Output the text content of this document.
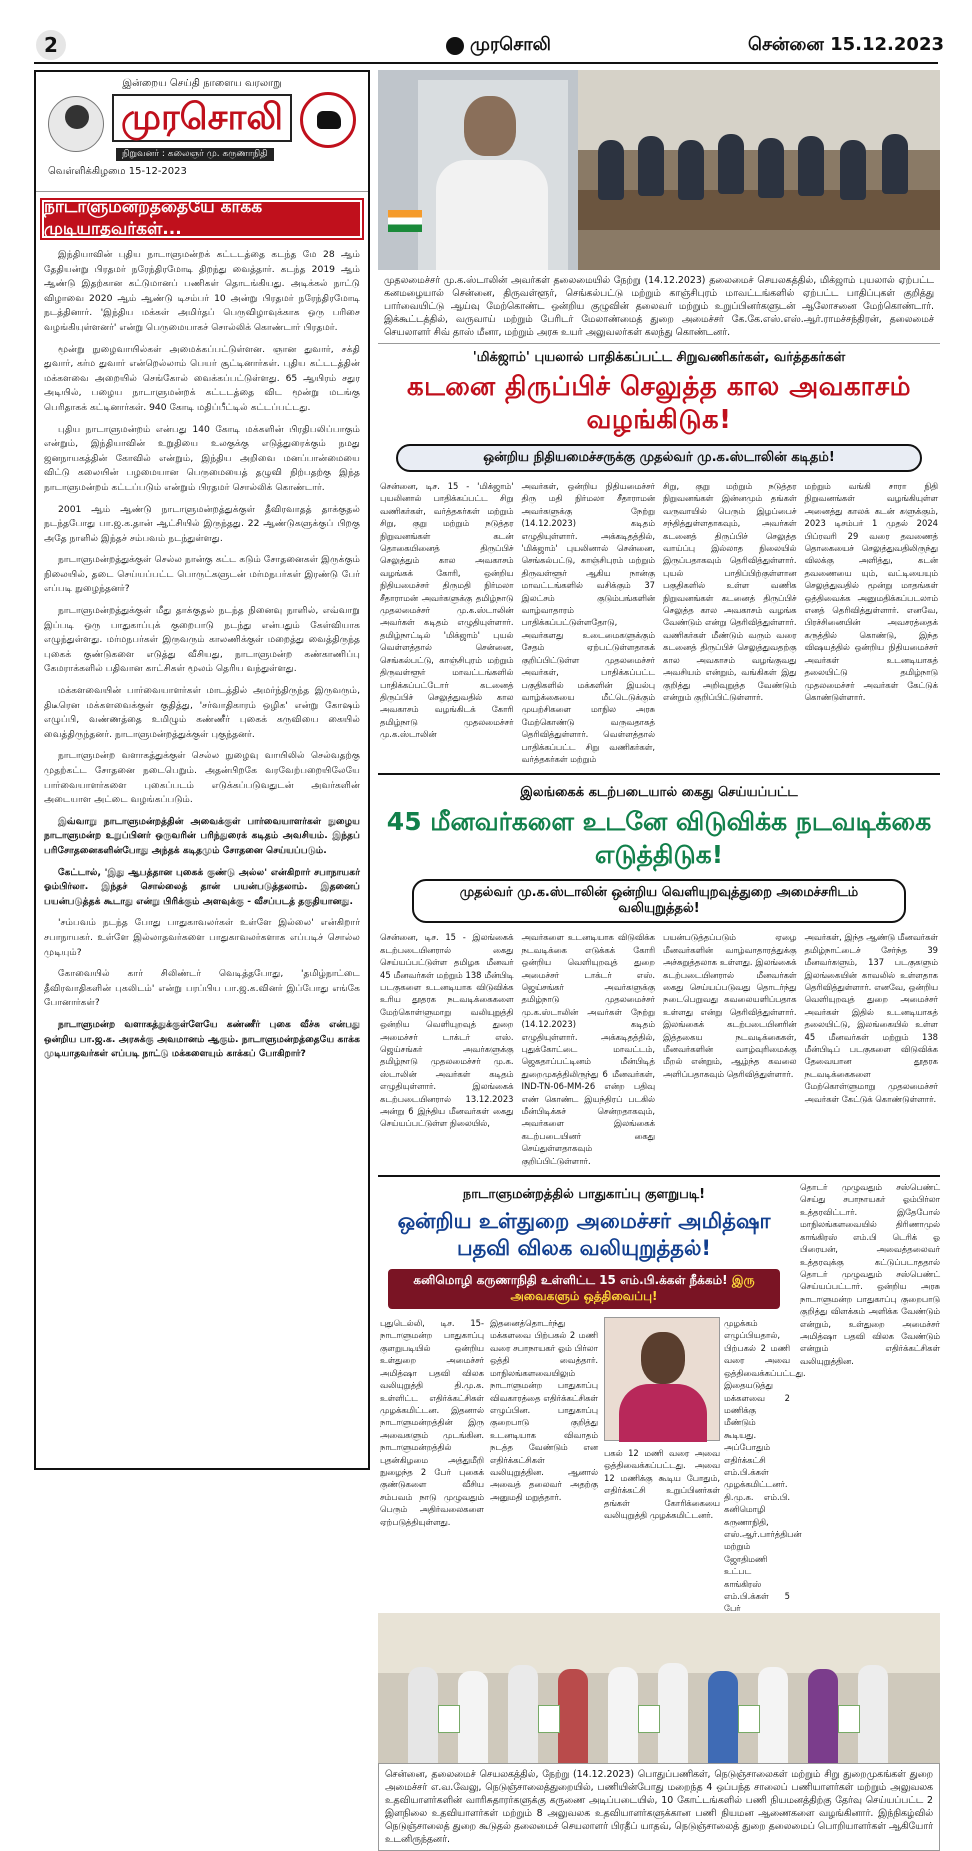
2	முரசொலி	சென்னை 15.12.2023
இன்றைய செய்தி நாளைய வரலாறு
முரசொலி
நிறுவனர் : கலைஞர் மு. கருணாநிதி
வெள்ளிக்கிழமை 15-12-2023
நாடாளுமன்றத்தையே காக்க முடியாதவர்கள்...

இந்தியாவின் புதிய நாடாளுமன்றக் கட்டடத்தை கடந்த மே 28 ஆம் தேதியன்று பிரதமர் நரேந்திரமோடி திறந்து வைத்தார். கடந்த 2019 ஆம் ஆண்டு இதற்கான கட்டுமானப் பணிகள் தொடங்கியது. அடிக்கல் நாட்டு விழாவை 2020 ஆம் ஆண்டு டிசம்பர் 10 அன்று பிரதமர் நரேந்திரமோடி நடத்தினார். 'இந்திய மக்கள் அமிர்தப் பெருவிழாவுக்காக ஒரு பரிசை வழங்கியுள்ளனர்' என்று பெருமையாகச் சொல்லிக் கொண்டார் பிரதமர்.

மூன்று நுழைவாயில்கள் அமைக்கப்பட்டுள்ளன. ஞான துவார், சக்தி துவார், கர்ம துவார் என்றெல்லாம் பெயர் சூட்டினார்கள். புதிய கட்டடத்தின் மக்களவை அறையில் செங்கோல் வைக்கப்பட்டுள்ளது. 65 ஆயிரம் சதுர அடியில், பழைய நாடாளுமன்றக் கட்டடத்தை விட மூன்று மடங்கு பெரிதாகக் கட்டினார்கள். 940 கோடி மதிப்பீட்டில் கட்டப்பட்டது.

புதிய நாடாளுமன்றம் என்பது 140 கோடி மக்களின் பிரதிபலிப்பாகும் என்றும், இந்தியாவின் உறுதியை உலகுக்கு எடுத்துரைக்கும் நமது ஜனநாயகத்தின் கோவில் என்றும், இந்திய அறிவை மனப்பான்மையை விட்டு கலையின் பழமையான பெருமையைத் தழுவி நிற்பதற்கு இந்த நாடாளுமன்றம் கட்டப்படும் என்றும் பிரதமர் சொல்லிக் கொண்டார்.

2001 ஆம் ஆண்டு நாடாளுமன்றத்துக்குள் தீவிரவாதத் தாக்குதல் நடந்தபோது பா.ஜ.க.தான் ஆட்சியில் இருந்தது. 22 ஆண்டுகளுக்குப் பிறகு அதே நாளில் இந்தச் சம்பவம் நடந்துள்ளது.

நாடாளுமன்றத்துக்குள் செல்ல நான்கு கட்ட கடும் சோதனைகள் இருக்கும் நிலையில், தடை செய்யப்பட்ட பொருட்களுடன் மர்மநபர்கள் இரண்டு பேர் எப்படி நுழைந்தனர்?

நாடாளுமன்றத்துக்குள் மீது தாக்குதல் நடந்த நினைவு நாளில், எவ்வாறு இப்படி ஒரு பாதுகாப்புக் குறைபாடு நடந்து என்பதும் கேள்வியாக எழுந்துள்ளது. மர்மநபர்கள் இருவரும் காலணிக்குள் மறைத்து வைத்திருந்த புகைக் குண்டுகளை எடுத்து வீசியது, நாடாளுமன்ற கண்காணிப்பு கேமராக்களில் பதிவான காட்சிகள் மூலம் தெரிய வந்துள்ளது.

மக்களவையின் பார்வையாளர்கள் மாடத்தில் அமர்ந்திருந்த இருவரும், திடீரென மக்களவைக்குள் குதித்து, 'சர்வாதிகாரம் ஒழிக' என்று கோஷம் எழுப்பி, வண்ணத்தை உமிழும் கண்ணீர் புகைக் கருவியை கையில் வைத்திருந்தனர். நாடாளுமன்றத்துக்குள் புகுந்தனர்.

நாடாளுமன்ற வளாகத்துக்குள் செல்ல நுழைவு வாயிலில் செல்வதற்கு முதற்கட்ட சோதனை நடைபெறும். அதன்பிறகே வரவேற்பறையிலேயே பார்வையாளர்களை புகைப்படம் எடுக்கப்படுவதுடன் அவர்களின் அடையாள அட்டை வழங்கப்படும்.

இவ்வாறு நாடாளுமன்றத்தின் அவைக்குள் பார்வையாளர்கள் நுழைய நாடாளுமன்ற உறுப்பினர் ஒருவரின் பரிந்துரைக் கடிதம் அவசியம். இந்தப் பரிசோதனைகளின்போது அந்தக் கடிதமும் சோதனை செய்யப்படும்.

கேட்டால், 'இது ஆபத்தான புகைக் குண்டு அல்ல' என்கிறார் சபாநாயகர் ஓம்பிர்லா. இந்தச் சொல்லைத் தான் பயன்படுத்தலாம். இதனைப் பயன்படுத்தக் கூடாது என்று பிரிக்கும் அளவுக்கு - வீசப்படத் தகுதியானது.

'சம்பவம் நடந்த போது பாதுகாவலர்கள் உள்ளே இல்லை' என்கிறார் சபாநாயகர். உள்ளே இல்லாதவர்களை பாதுகாவலர்களாக எப்படிச் சொல்ல முடியும்?

கோவையில் கார் சிலிண்டர் வெடித்தபோது, 'தமிழ்நாட்டை தீவிரவாதிகளின் புகலிடம்' என்று பரப்பிய பா.ஜ.க.வினர் இப்போது எங்கே போனார்கள்?

நாடாளுமன்ற வளாகத்துக்குள்ளேயே கண்ணீர் புகை வீச்சு என்பது ஒன்றிய பா.ஜ.க. அரசுக்கு அவமானம் ஆகும். நாடாளுமன்றத்தையே காக்க முடியாதவர்கள் எப்படி நாட்டு மக்களையும் காக்கப் போகிறார்?

முதலமைச்சர் மு.க.ஸ்டாலின் அவர்கள் தலைமையில் நேற்று (14.12.2023) தலைமைச் செயலகத்தில், மிக்ஜாம் புயலால் ஏற்பட்ட கனமழையால் சென்னை, திருவள்ளூர், செங்கல்பட்டு மற்றும் காஞ்சிபுரம் மாவட்டங்களில் ஏற்பட்ட பாதிப்புகள் குறித்து பார்வையிட்டு ஆய்வு மேற்கொண்ட ஒன்றிய குழுவின் தலைவர் மற்றும் உறுப்பினர்களுடன் ஆலோசனை மேற்கொண்டார். இக்கூட்டத்தில், வருவாய் மற்றும் பேரிடர் மேலாண்மைத் துறை அமைச்சர் கே.கே.எஸ்.எஸ்.ஆர்.ராமச்சந்திரன், தலைமைச் செயலாளர் சிவ் தாஸ் மீனா, மற்றும் அரசு உயர் அலுவலர்கள் கலந்து கொண்டனர்.
'மிக்ஜாம்' புயலால் பாதிக்கப்பட்ட சிறுவணிகர்கள், வர்த்தகர்கள்
கடனை திருப்பிச் செலுத்த கால அவகாசம் வழங்கிடுக!
ஒன்றிய நிதியமைச்சருக்கு முதல்வர் மு.க.ஸ்டாலின் கடிதம்!
சென்னை, டிச. 15 - 'மிக்ஜாம்' புயலினால் பாதிக்கப்பட்ட சிறு வணிகர்கள், வர்த்தகர்கள் மற்றும் சிறு, குறு மற்றும் நடுத்தர நிறுவனங்கள் கடன் தொகையினைத் திருப்பிச் செலுத்தும் கால அவகாசம் வழங்கக் கோரி, ஒன்றிய நிதியமைச்சர் திருமதி நிர்மலா சீதாராமன் அவர்களுக்கு தமிழ்நாடு முதலமைச்சர் மு.க.ஸ்டாலின் அவர்கள் கடிதம் எழுதியுள்ளார். தமிழ்நாட்டில் 'மிக்ஜாம்' புயல் வெள்ளத்தால் சென்னை, செங்கல்பட்டு, காஞ்சிபுரம் மற்றும் திருவள்ளூர் மாவட்டங்களில் பாதிக்கப்பட்டோர் கடனைத் திருப்பிச் செலுத்துவதில் கால அவகாசம் வழங்கிடக் கோரி தமிழ்நாடு முதலமைச்சர் மு.க.ஸ்டாலின்
அவர்கள், ஒன்றிய நிதியமைச்சர் திரு மதி நிர்மலா சீதாராமன் அவர்களுக்கு நேற்று (14.12.2023) கடிதம் எழுதியுள்ளார். அக்கடிதத்தில், 'மிக்ஜாம்' புயலினால் சென்னை, செங்கல்பட்டு, காஞ்சிபுரம் மற்றும் திருவள்ளூர் ஆகிய நான்கு மாவட்டங்களில் வசிக்கும் 37 இலட்சம் குடும்பங்களின் வாழ்வாதாரம் பாதிக்கப்பட்டுள்ளதோடு, அவர்களது உடைமைகளுக்கும் சேதம் ஏற்பட்டுள்ளதாகக் குறிப்பிட்டுள்ள முதலமைச்சர் அவர்கள், பாதிக்கப்பட்ட பகுதிகளில் மக்களின் இயல்பு வாழ்க்கையை மீட்டெடுக்கும் முயற்சிகளை மாநில அரசு மேற்கொண்டு வருவதாகத் தெரிவித்துள்ளார். வெள்ளத்தால் பாதிக்கப்பட்ட சிறு வணிகர்கள், வர்த்தகர்கள் மற்றும்
சிறு, குறு மற்றும் நடுத்தர நிறுவனங்கள் இன்னமும் தங்கள் வருவாயில் பெரும் இழப்பைச் சந்தித்துள்ளதாகவும், அவர்கள் கடனைத் திருப்பிச் செலுத்த வாய்ப்பு இல்லாத நிலையில் இருப்பதாகவும் தெரிவித்துள்ளார். புயல் பாதிப்பிற்குள்ளான பகுதிகளில் உள்ள வணிக நிறுவனங்கள் கடனைத் திருப்பிச் செலுத்த கால அவகாசம் வழங்க வேண்டும் என்று தெரிவித்துள்ளார். வணிகர்கள் மீண்டும் வரும் வரை கடனைத் திருப்பிச் செலுத்துவதற்கு கால அவகாசம் வழங்குவது அவசியம் என்றும், வங்கிகள் இது குறித்து அறிவுறுத்த வேண்டும் என்றும் குறிப்பிட்டுள்ளார்.
மற்றும் வங்கி சாரா நிதி நிறுவனங்கள் வழங்கியுள்ள அனைத்து காலக் கடன் களுக்கும், 2023 டிசம்பர் 1 முதல் 2024 பிப்ரவரி 29 வரை தவணைத் தொகையைச் செலுத்துவதிலிருந்து விலக்கு அளித்து, கடன் தவணையை யும், வட்டியையும் செலுத்துவதில் மூன்று மாதங்கள் ஒத்திவைக்க அனுமதிக்கப்படலாம் எனத் தெரிவித்துள்ளார். எனவே, பிரச்சினையின் அவசரத்தைக் கருத்தில் கொண்டு, இந்த விஷயத்தில் ஒன்றிய நிதியமைச்சர் அவர்கள் உடனடியாகத் தலையிட்டு தமிழ்நாடு முதலமைச்சர் அவர்கள் கேட்டுக் கொண்டுள்ளார்.
இலங்கைக் கடற்படையால் கைது செய்யப்பட்ட
45 மீனவர்களை உடனே விடுவிக்க நடவடிக்கை எடுத்திடுக!
முதல்வர் மு.க.ஸ்டாலின் ஒன்றிய வெளியுறவுத்துறை அமைச்சரிடம் வலியுறுத்தல்!
சென்னை, டிச. 15 - இலங்கைக் கடற்படையினரால் கைது செய்யப்பட்டுள்ள தமிழக மீனவர் 45 மீனவர்கள் மற்றும் 138 மீன்பிடி படகுகளை உடனடியாக விடுவிக்க உரிய தூதரக நடவடிக்கைகளை மேற்கொள்ளுமாறு வலியுறுத்தி ஒன்றிய வெளியுறவுத் துறை அமைச்சர் டாக்டர் எஸ். ஜெய்சங்கர் அவர்களுக்கு தமிழ்நாடு முதலமைச்சர் மு.க. ஸ்டாலின் அவர்கள் கடிதம் எழுதியுள்ளார். இலங்கைக் கடற்படையினரால் 13.12.2023 அன்று 6 இந்திய மீனவர்கள் கைது செய்யப்பட்டுள்ள நிலையில்,
அவர்களை உடனடியாக விடுவிக்க நடவடிக்கை எடுக்கக் கோரி ஒன்றிய வெளியுறவுத் துறை அமைச்சர் டாக்டர் எஸ். ஜெய்சங்கர் அவர்களுக்கு தமிழ்நாடு முதலமைச்சர் மு.க.ஸ்டாலின் அவர்கள் நேற்று (14.12.2023) கடிதம் எழுதியுள்ளார். அக்கடிதத்தில், புதுக்கோட்டை மாவட்டம், ஜெகதாப்பட்டினம் மீன்பிடித் துறைமுகத்திலிருந்து 6 மீனவர்கள், IND-TN-06-MM-26 என்ற பதிவு எண் கொண்ட இயந்திரப் படகில் மீன்பிடிக்கச் சென்றதாகவும், அவர்களை இலங்கைக் கடற்படையினர் கைது செய்துள்ளதாகவும் குறிப்பிட்டுள்ளார்.
பயன்படுத்தப்படும் ஏழை மீனவர்களின் வாழ்வாதாரத்துக்கு அச்சுறுத்தலாக உள்ளது. இலங்கைக் கடற்படையினரால் மீனவர்கள் கைது செய்யப்படுவது தொடர்ந்து நடைபெறுவது கவலையளிப்பதாக உள்ளது என்று தெரிவித்துள்ளார். இலங்கைக் கடற்படையினரின் இத்தகைய நடவடிக்கைகள், மீனவர்களின் வாழ்வுரிமைக்கு மீறல் என்றும், ஆழ்ந்த கவலை அளிப்பதாகவும் தெரிவித்துள்ளார்.
அவர்கள், இந்த ஆண்டு மீனவர்கள் தமிழ்நாட்டைச் சேர்ந்த 39 மீனவர்களும், 137 படகுகளும் இலங்கையின் காவலில் உள்ளதாக தெரிவித்துள்ளார். எனவே, ஒன்றிய வெளியுறவுத் துறை அமைச்சர் அவர்கள் இதில் உடனடியாகத் தலையிட்டு, இலங்கையில் உள்ள 45 மீனவர்கள் மற்றும் 138 மீன்பிடிப் படகுகளை விடுவிக்க தேவையான தூதரக நடவடிக்கைகளை மேற்கொள்ளுமாறு முதலமைச்சர் அவர்கள் கேட்டுக் கொண்டுள்ளார்.
நாடாளுமன்றத்தில் பாதுகாப்பு குளறுபடி!
ஒன்றிய உள்துறை அமைச்சர் அமித்ஷா பதவி விலக வலியுறுத்தல்!
கனிமொழி கருணாநிதி உள்ளிட்ட 15 எம்.பி.க்கள் நீக்கம்! இரு அவைகளும் ஒத்திவைப்பு!
புதுடெல்லி, டிச. 15- நாடாளுமன்ற பாதுகாப்பு குளறுபடியில் ஒன்றிய உள்துறை அமைச்சர் அமித்ஷா பதவி விலக வலியுறுத்தி தி.மு.க. உள்ளிட்ட எதிர்க்கட்சிகள் முழக்கமிட்டன. இதனால் நாடாளுமன்றத்தின் இரு அவைகளும் முடங்கின. நாடாளுமன்றத்தில் புதன்கிழமை அத்துமீறி நுழைந்த 2 பேர் புகைக் குண்டுகளை வீசிய சம்பவம் நாடு முழுவதும் பெரும் அதிர்வலைகளை ஏற்படுத்தியுள்ளது.
இதனைத்தொடர்ந்து மக்களவை பிற்பகல் 2 மணி வரை சபாநாயகர் ஓம் பிர்லா ஒத்தி வைத்தார். மாநிலங்களவையிலும் நாடாளுமன்ற பாதுகாப்பு விவகாரத்தை எதிர்க்கட்சிகள் எழுப்பின. பாதுகாப்பு குறைபாடு குறித்து உடனடியாக விவாதம் நடத்த வேண்டும் என எதிர்க்கட்சிகள் வலியுறுத்தின. ஆனால் அவைத் தலைவர் அதற்கு அனுமதி மறுத்தார்.
பகல் 12 மணி வரை அவை ஒத்திவைக்கப்பட்டது. அவை 12 மணிக்கு கூடிய போதும், எதிர்க்கட்சி உறுப்பினர்கள் தங்கள் கோரிக்கையை வலியுறுத்தி முழக்கமிட்டனர்.
முழக்கம் எழுப்பியதால், பிற்பகல் 2 மணி வரை அவை ஒத்திவைக்கப்பட்டது. இதையடுத்து மக்களவை 2 மணிக்கு மீண்டும் கூடியது. அப்போதும் எதிர்க்கட்சி எம்.பி.க்கள் முழக்கமிட்டனர். தி.மு.க. எம்.பி. கனிமொழி கருணாநிதி, எஸ்.ஆர்.பார்த்திபன் மற்றும் ஜோதிமணி உட்பட காங்கிரஸ் எம்.பி.க்கள் 5 பேர்
தொடர் முழுவதும் சஸ்பெண்ட் செய்து சபாநாயகர் ஓம்பிர்லா உத்தரவிட்டார். இதேபோல் மாநிலங்களவையில் திரிணாமுல் காங்கிரஸ் எம்.பி டெரிக் ஓ பிரையன், அவைத்தலைவர் உத்தரவுக்கு கட்டுப்படாததால் தொடர் முழுவதும் சஸ்பெண்ட் செய்யப்பட்டார். ஒன்றிய அரசு நாடாளுமன்ற பாதுகாப்பு குறைபாடு குறித்து விளக்கம் அளிக்க வேண்டும் என்றும், உள்துறை அமைச்சர் அமித்ஷா பதவி விலக வேண்டும் என்றும் எதிர்க்கட்சிகள் வலியுறுத்தின.
சென்னை, தலைமைச் செயலகத்தில், நேற்று (14.12.2023) பொதுப்பணிகள், நெடுஞ்சாலைகள் மற்றும் சிறு துறைமுகங்கள் துறை அமைச்சர் எ.வ.வேலு, நெடுஞ்சாலைத்துறையில், பணியின்போது மறைந்த 4 ஒப்பந்த சாலைப் பணியாளர்கள் மற்றும் அலுவலக உதவியாளர்களின் வாரிசுதாரர்களுக்கு கருணை அடிப்படையில், 10 கோட்டங்களில் பணி நியமனத்திற்கு தேர்வு செய்யப்பட்ட 2 இளநிலை உதவியாளர்கள் மற்றும் 8 அலுவலக உதவியாளர்களுக்கான பணி நியமன ஆணைகளை வழங்கினார். இந்நிகழ்வில் நெடுஞ்சாலைத் துறை கூடுதல் தலைமைச் செயலாளர் பிரதீப் யாதவ், நெடுஞ்சாலைத் துறை தலைமைப் பொறியாளர்கள் ஆகியோர் உடனிருந்தனர்.
